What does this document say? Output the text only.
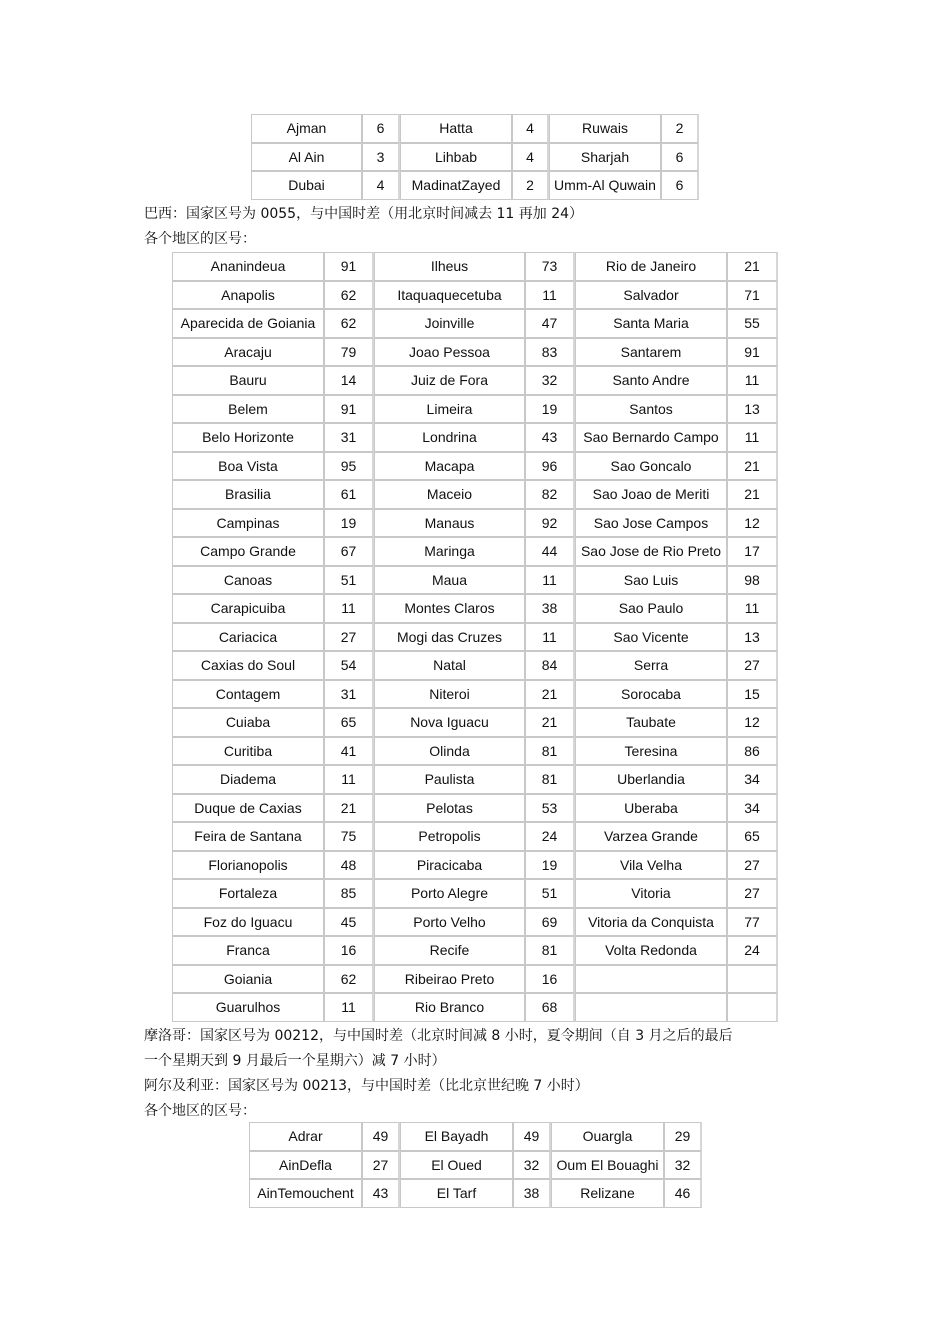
Ajman	6	Hatta	4	Ruwais	2
Al Ain	3	Lihbab	4	Sharjah	6
Dubai	4	MadinatZayed	2	Umm-Al Quwain	6
巴西：国家区号为 0055，与中国时差（用北京时间减去 11 再加 24）
各个地区的区号：
Ananindeua	91	Ilheus	73	Rio de Janeiro	21
Anapolis	62	Itaquaquecetuba	11	Salvador	71
Aparecida de Goiania	62	Joinville	47	Santa Maria	55
Aracaju	79	Joao Pessoa	83	Santarem	91
Bauru	14	Juiz de Fora	32	Santo Andre	11
Belem	91	Limeira	19	Santos	13
Belo Horizonte	31	Londrina	43	Sao Bernardo Campo	11
Boa Vista	95	Macapa	96	Sao Goncalo	21
Brasilia	61	Maceio	82	Sao Joao de Meriti	21
Campinas	19	Manaus	92	Sao Jose Campos	12
Campo Grande	67	Maringa	44	Sao Jose de Rio Preto	17
Canoas	51	Maua	11	Sao Luis	98
Carapicuiba	11	Montes Claros	38	Sao Paulo	11
Cariacica	27	Mogi das Cruzes	11	Sao Vicente	13
Caxias do Soul	54	Natal	84	Serra	27
Contagem	31	Niteroi	21	Sorocaba	15
Cuiaba	65	Nova Iguacu	21	Taubate	12
Curitiba	41	Olinda	81	Teresina	86
Diadema	11	Paulista	81	Uberlandia	34
Duque de Caxias	21	Pelotas	53	Uberaba	34
Feira de Santana	75	Petropolis	24	Varzea Grande	65
Florianopolis	48	Piracicaba	19	Vila Velha	27
Fortaleza	85	Porto Alegre	51	Vitoria	27
Foz do Iguacu	45	Porto Velho	69	Vitoria da Conquista	77
Franca	16	Recife	81	Volta Redonda	24
Goiania	62	Ribeirao Preto	16		
Guarulhos	11	Rio Branco	68		
摩洛哥：国家区号为 00212，与中国时差（北京时间减 8 小时，夏令期间（自 3 月之后的最后
一个星期天到 9 月最后一个星期六）减 7 小时）
阿尔及利亚：国家区号为 00213，与中国时差（比北京世纪晚 7 小时）
各个地区的区号：
Adrar	49	El Bayadh	49	Ouargla	29
AinDefla	27	El Oued	32	Oum El Bouaghi	32
AinTemouchent	43	El Tarf	38	Relizane	46
